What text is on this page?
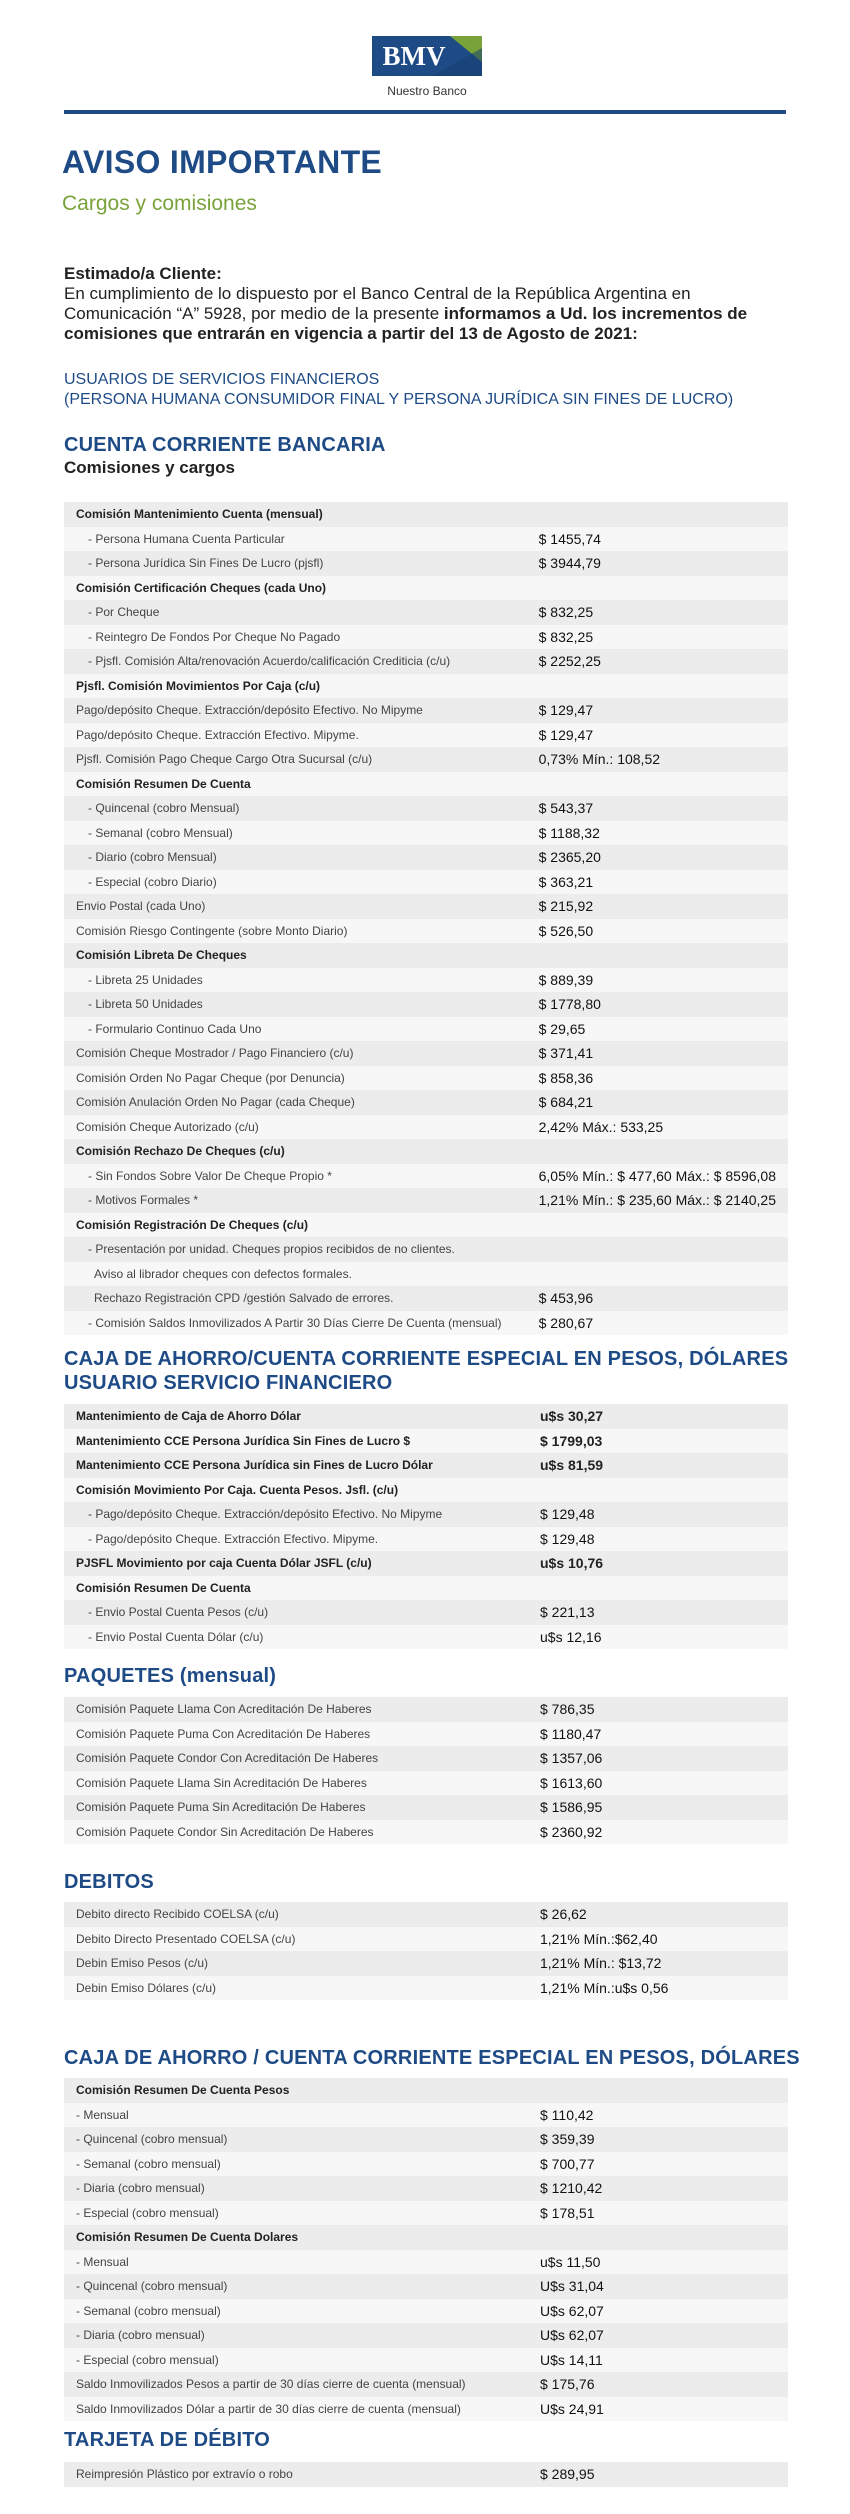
BMV
Nuestro Banco
AVISO IMPORTANTE
Cargos y comisiones
Estimado/a Cliente:
En cumplimiento de lo dispuesto por el Banco Central de la República Argentina en Comunicación “A” 5928, por medio de la presente informamos a Ud. los incrementos de comisiones que entrarán en vigencia a partir del 13 de Agosto de 2021:
USUARIOS DE SERVICIOS FINANCIEROS
(PERSONA HUMANA CONSUMIDOR FINAL Y PERSONA JURÍDICA SIN FINES DE LUCRO)
CUENTA CORRIENTE BANCARIA
Comisiones y cargos
Comisión Mantenimiento Cuenta (mensual)	
- Persona Humana Cuenta Particular	$ 1455,74
- Persona Jurídica Sin Fines De Lucro (pjsfl)	$ 3944,79
Comisión Certificación Cheques (cada Uno)	
- Por Cheque	$ 832,25
- Reintegro De Fondos Por Cheque No Pagado	$ 832,25
- Pjsfl. Comisión Alta/renovación Acuerdo/calificación Crediticia (c/u)	$ 2252,25
Pjsfl. Comisión Movimientos Por Caja (c/u)	
Pago/depósito Cheque. Extracción/depósito Efectivo. No Mipyme	$ 129,47
Pago/depósito Cheque. Extracción Efectivo. Mipyme.	$ 129,47
Pjsfl. Comisión Pago Cheque Cargo Otra Sucursal (c/u)	0,73% Mín.: 108,52
Comisión Resumen De Cuenta	
- Quincenal (cobro Mensual)	$ 543,37
- Semanal (cobro Mensual)	$ 1188,32
- Diario (cobro Mensual)	$ 2365,20
- Especial (cobro Diario)	$ 363,21
Envio Postal (cada Uno)	$ 215,92
Comisión Riesgo Contingente (sobre Monto Diario)	$ 526,50
Comisión Libreta De Cheques	
- Libreta 25 Unidades	$ 889,39
- Libreta 50 Unidades	$ 1778,80
- Formulario Continuo Cada Uno	$ 29,65
Comisión Cheque Mostrador / Pago Financiero (c/u)	$ 371,41
Comisión Orden No Pagar Cheque (por Denuncia)	$ 858,36
Comisión Anulación Orden No Pagar (cada Cheque)	$ 684,21
Comisión Cheque Autorizado (c/u)	2,42% Máx.: 533,25
Comisión Rechazo De Cheques (c/u)	
- Sin Fondos Sobre Valor De Cheque Propio *	6,05% Mín.: $ 477,60 Máx.: $ 8596,08
- Motivos Formales *	1,21% Mín.: $ 235,60 Máx.: $ 2140,25
Comisión Registración De Cheques (c/u)	
- Presentación por unidad. Cheques propios recibidos de no clientes.	
Aviso al librador cheques con defectos formales.	
Rechazo Registración CPD /gestión Salvado de errores.	$ 453,96
- Comisión Saldos Inmovilizados A Partir 30 Días Cierre De Cuenta (mensual)	$ 280,67
CAJA DE AHORRO/CUENTA CORRIENTE ESPECIAL EN PESOS, DÓLARES
USUARIO SERVICIO FINANCIERO
Mantenimiento de Caja de Ahorro Dólar	u$s 30,27
Mantenimiento CCE Persona Jurídica Sin Fines de Lucro $	$ 1799,03
Mantenimiento CCE Persona Jurídica sin Fines de Lucro Dólar	u$s 81,59
Comisión Movimiento Por Caja. Cuenta Pesos. Jsfl. (c/u)	
- Pago/depósito Cheque. Extracción/depósito Efectivo. No Mipyme	$ 129,48
- Pago/depósito Cheque. Extracción Efectivo. Mipyme.	$ 129,48
PJSFL Movimiento por caja Cuenta Dólar JSFL (c/u)	u$s 10,76
Comisión Resumen De Cuenta	
- Envio Postal Cuenta Pesos (c/u)	$ 221,13
- Envio Postal Cuenta Dólar (c/u)	u$s 12,16
PAQUETES (mensual)
Comisión Paquete Llama Con Acreditación De Haberes	$ 786,35
Comisión Paquete Puma Con Acreditación De Haberes	$ 1180,47
Comisión Paquete Condor Con Acreditación De Haberes	$ 1357,06
Comisión Paquete Llama Sin Acreditación De Haberes	$ 1613,60
Comisión Paquete Puma Sin Acreditación De Haberes	$ 1586,95
Comisión Paquete Condor Sin Acreditación De Haberes	$ 2360,92
DEBITOS
Debito directo Recibido COELSA (c/u)	$ 26,62
Debito Directo Presentado COELSA (c/u)	1,21% Mín.:$62,40
Debin Emiso Pesos (c/u)	1,21% Mín.: $13,72
Debin Emiso Dólares (c/u)	1,21% Mín.:u$s 0,56
CAJA DE AHORRO / CUENTA CORRIENTE ESPECIAL EN PESOS, DÓLARES
Comisión Resumen De Cuenta Pesos	
- Mensual	$ 110,42
- Quincenal (cobro mensual)	$ 359,39
- Semanal (cobro mensual)	$ 700,77
- Diaria (cobro mensual)	$ 1210,42
- Especial (cobro mensual)	$ 178,51
Comisión Resumen De Cuenta Dolares	
- Mensual	u$s 11,50
- Quincenal (cobro mensual)	U$s 31,04
- Semanal (cobro mensual)	U$s 62,07
- Diaria (cobro mensual)	U$s 62,07
- Especial (cobro mensual)	U$s 14,11
Saldo Inmovilizados Pesos a partir de 30 días cierre de cuenta (mensual)	$ 175,76
Saldo Inmovilizados Dólar a partir de 30 días cierre de cuenta (mensual)	U$s 24,91
TARJETA DE DÉBITO
Reimpresión Plástico por extravío o robo	$ 289,95
